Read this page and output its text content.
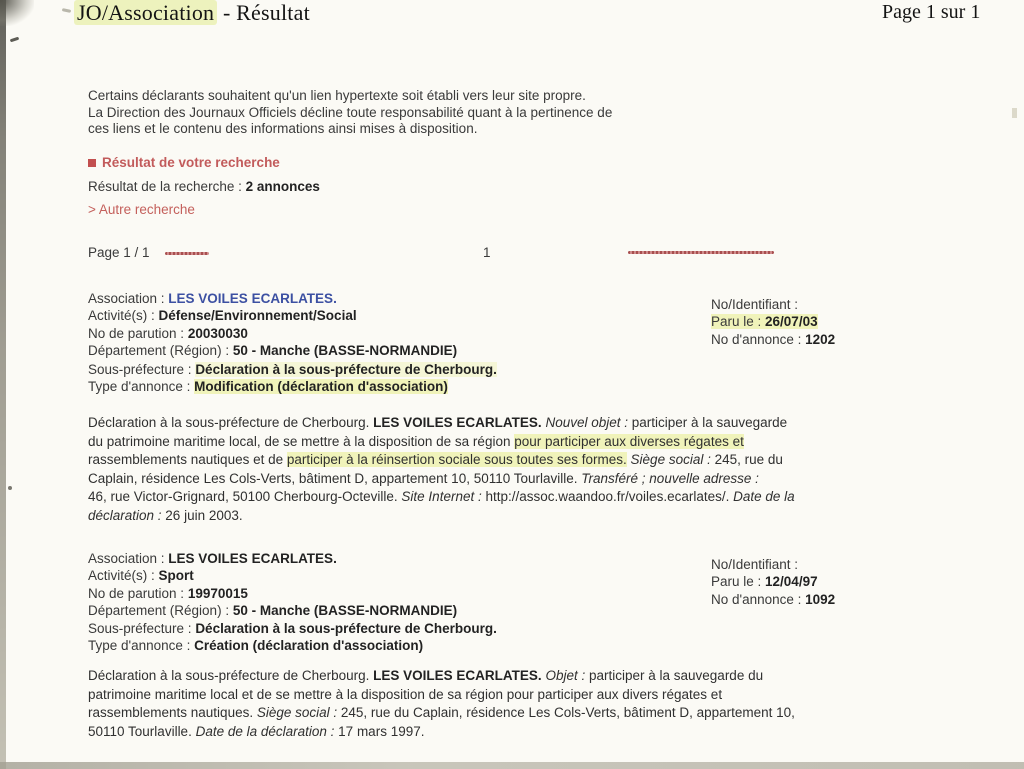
JO/Association - Résultat	Page 1 sur 1
Certains déclarants souhaitent qu'un lien hypertexte soit établi vers leur site propre.
La Direction des Journaux Officiels décline toute responsabilité quant à la pertinence de
ces liens et le contenu des informations ainsi mises à disposition.
Résultat de votre recherche
Résultat de la recherche : 2 annonces
> Autre recherche
Page 1 / 1	1
Association : LES VOILES ECARLATES.
Activité(s) : Défense/Environnement/Social
No de parution : 20030030
Département (Région) : 50 - Manche (BASSE-NORMANDIE)
No/Identifiant :
Paru le : 26/07/03
No d'annonce : 1202
Sous-préfecture : Déclaration à la sous-préfecture de Cherbourg.
Type d'annonce : Modification (déclaration d'association)
Déclaration à la sous-préfecture de Cherbourg. LES VOILES ECARLATES. Nouvel objet : participer à la sauvegarde
du patrimoine maritime local, de se mettre à la disposition de sa région pour participer aux diverses régates et
rassemblements nautiques et de participer à la réinsertion sociale sous toutes ses formes. Siège social : 245, rue du
Caplain, résidence Les Cols-Verts, bâtiment D, appartement 10, 50110 Tourlaville. Transféré ; nouvelle adresse :
46, rue Victor-Grignard, 50100 Cherbourg-Octeville. Site Internet : http://assoc.waandoo.fr/voiles.ecarlates/. Date de la
déclaration : 26 juin 2003.
Association : LES VOILES ECARLATES.
Activité(s) : Sport
No de parution : 19970015
Département (Région) : 50 - Manche (BASSE-NORMANDIE)
No/Identifiant :
Paru le : 12/04/97
No d'annonce : 1092
Sous-préfecture : Déclaration à la sous-préfecture de Cherbourg.
Type d'annonce : Création (déclaration d'association)
Déclaration à la sous-préfecture de Cherbourg. LES VOILES ECARLATES. Objet : participer à la sauvegarde du
patrimoine maritime local et de se mettre à la disposition de sa région pour participer aux divers régates et
rassemblements nautiques. Siège social : 245, rue du Caplain, résidence Les Cols-Verts, bâtiment D, appartement 10,
50110 Tourlaville. Date de la déclaration : 17 mars 1997.
